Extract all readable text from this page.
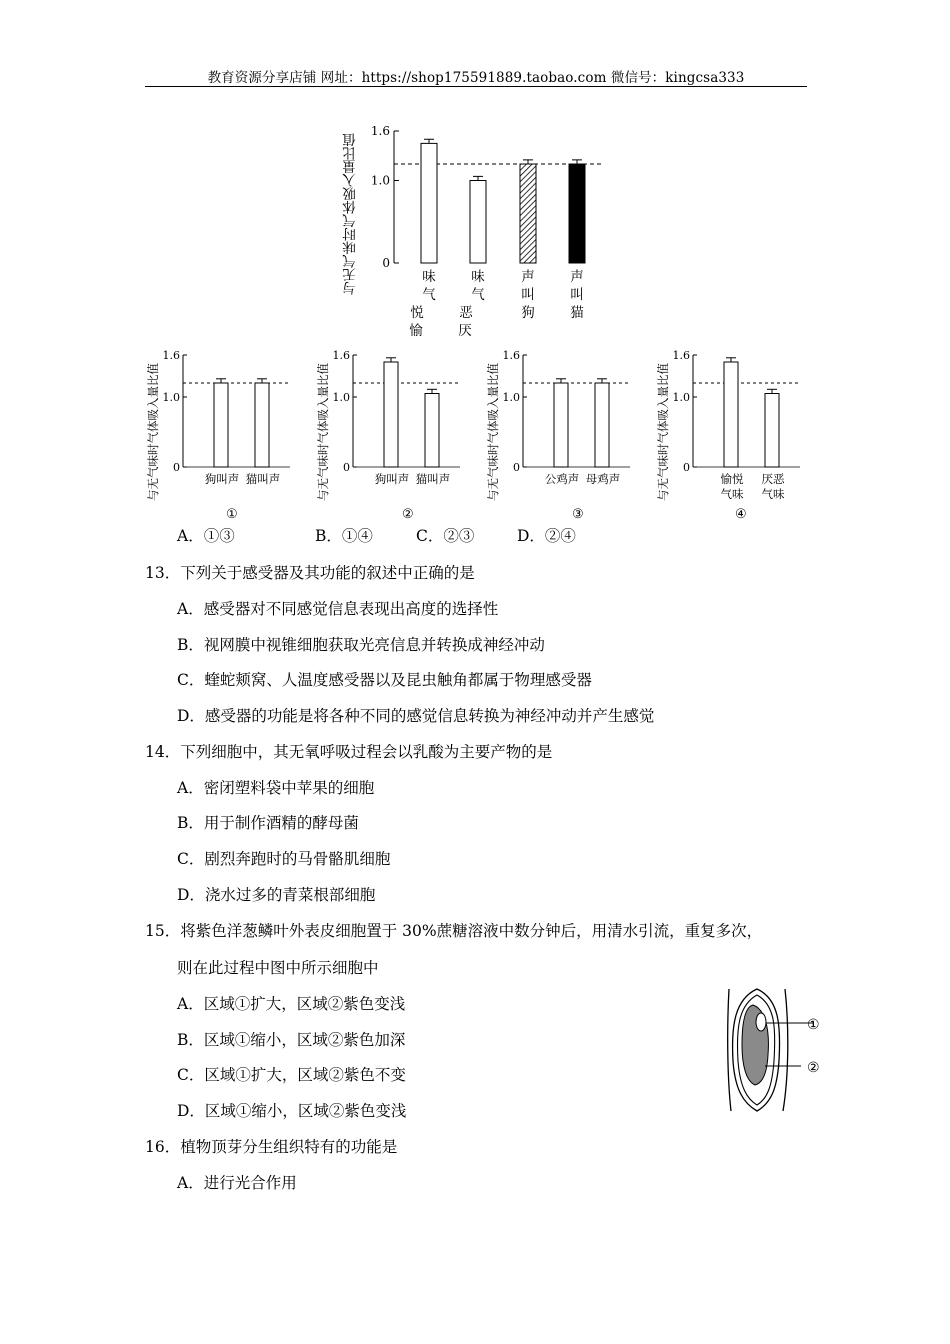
教育资源分享店铺 网址：https://shop175591889.taobao.com 微信号：kingcsa333
与无气味时气体吸入量比值 0
1.0
1.6
味
气
悦
愉
味
气
恶
厌
声
叫
狗
声
叫
猫
与无气味时气体吸入量比值
1.6
1.0
0
狗叫声 猫叫声	与无气味时气体吸入量比值
1.6
1.0
0
狗叫声 猫叫声	与无气味时气体吸入量比值
1.6
1.0
0
公鸡声 母鸡声	与无气味时气体吸入量比值
1.6
1.0
0
愉悦
气味
厌恶
气味
①	②	③	④
A．①③	B．①④	C．②③	D．②④
13．下列关于感受器及其功能的叙述中正确的是
A．感受器对不同感觉信息表现出高度的选择性
B．视网膜中视锥细胞获取光亮信息并转换成神经冲动
C．蝰蛇颊窝、人温度感受器以及昆虫触角都属于物理感受器
D．感受器的功能是将各种不同的感觉信息转换为神经冲动并产生感觉
14．下列细胞中，其无氧呼吸过程会以乳酸为主要产物的是
A．密闭塑料袋中苹果的细胞
B．用于制作酒精的酵母菌
C．剧烈奔跑时的马骨骼肌细胞
D．浇水过多的青菜根部细胞
15．将紫色洋葱鳞叶外表皮细胞置于 30%蔗糖溶液中数分钟后，用清水引流，重复多次，
则在此过程中图中所示细胞中
A．区域①扩大，区域②紫色变浅
B．区域①缩小，区域②紫色加深
C．区域①扩大，区域②紫色不变
D．区域①缩小，区域②紫色变浅
①
②
16．植物顶芽分生组织特有的功能是
A．进行光合作用
